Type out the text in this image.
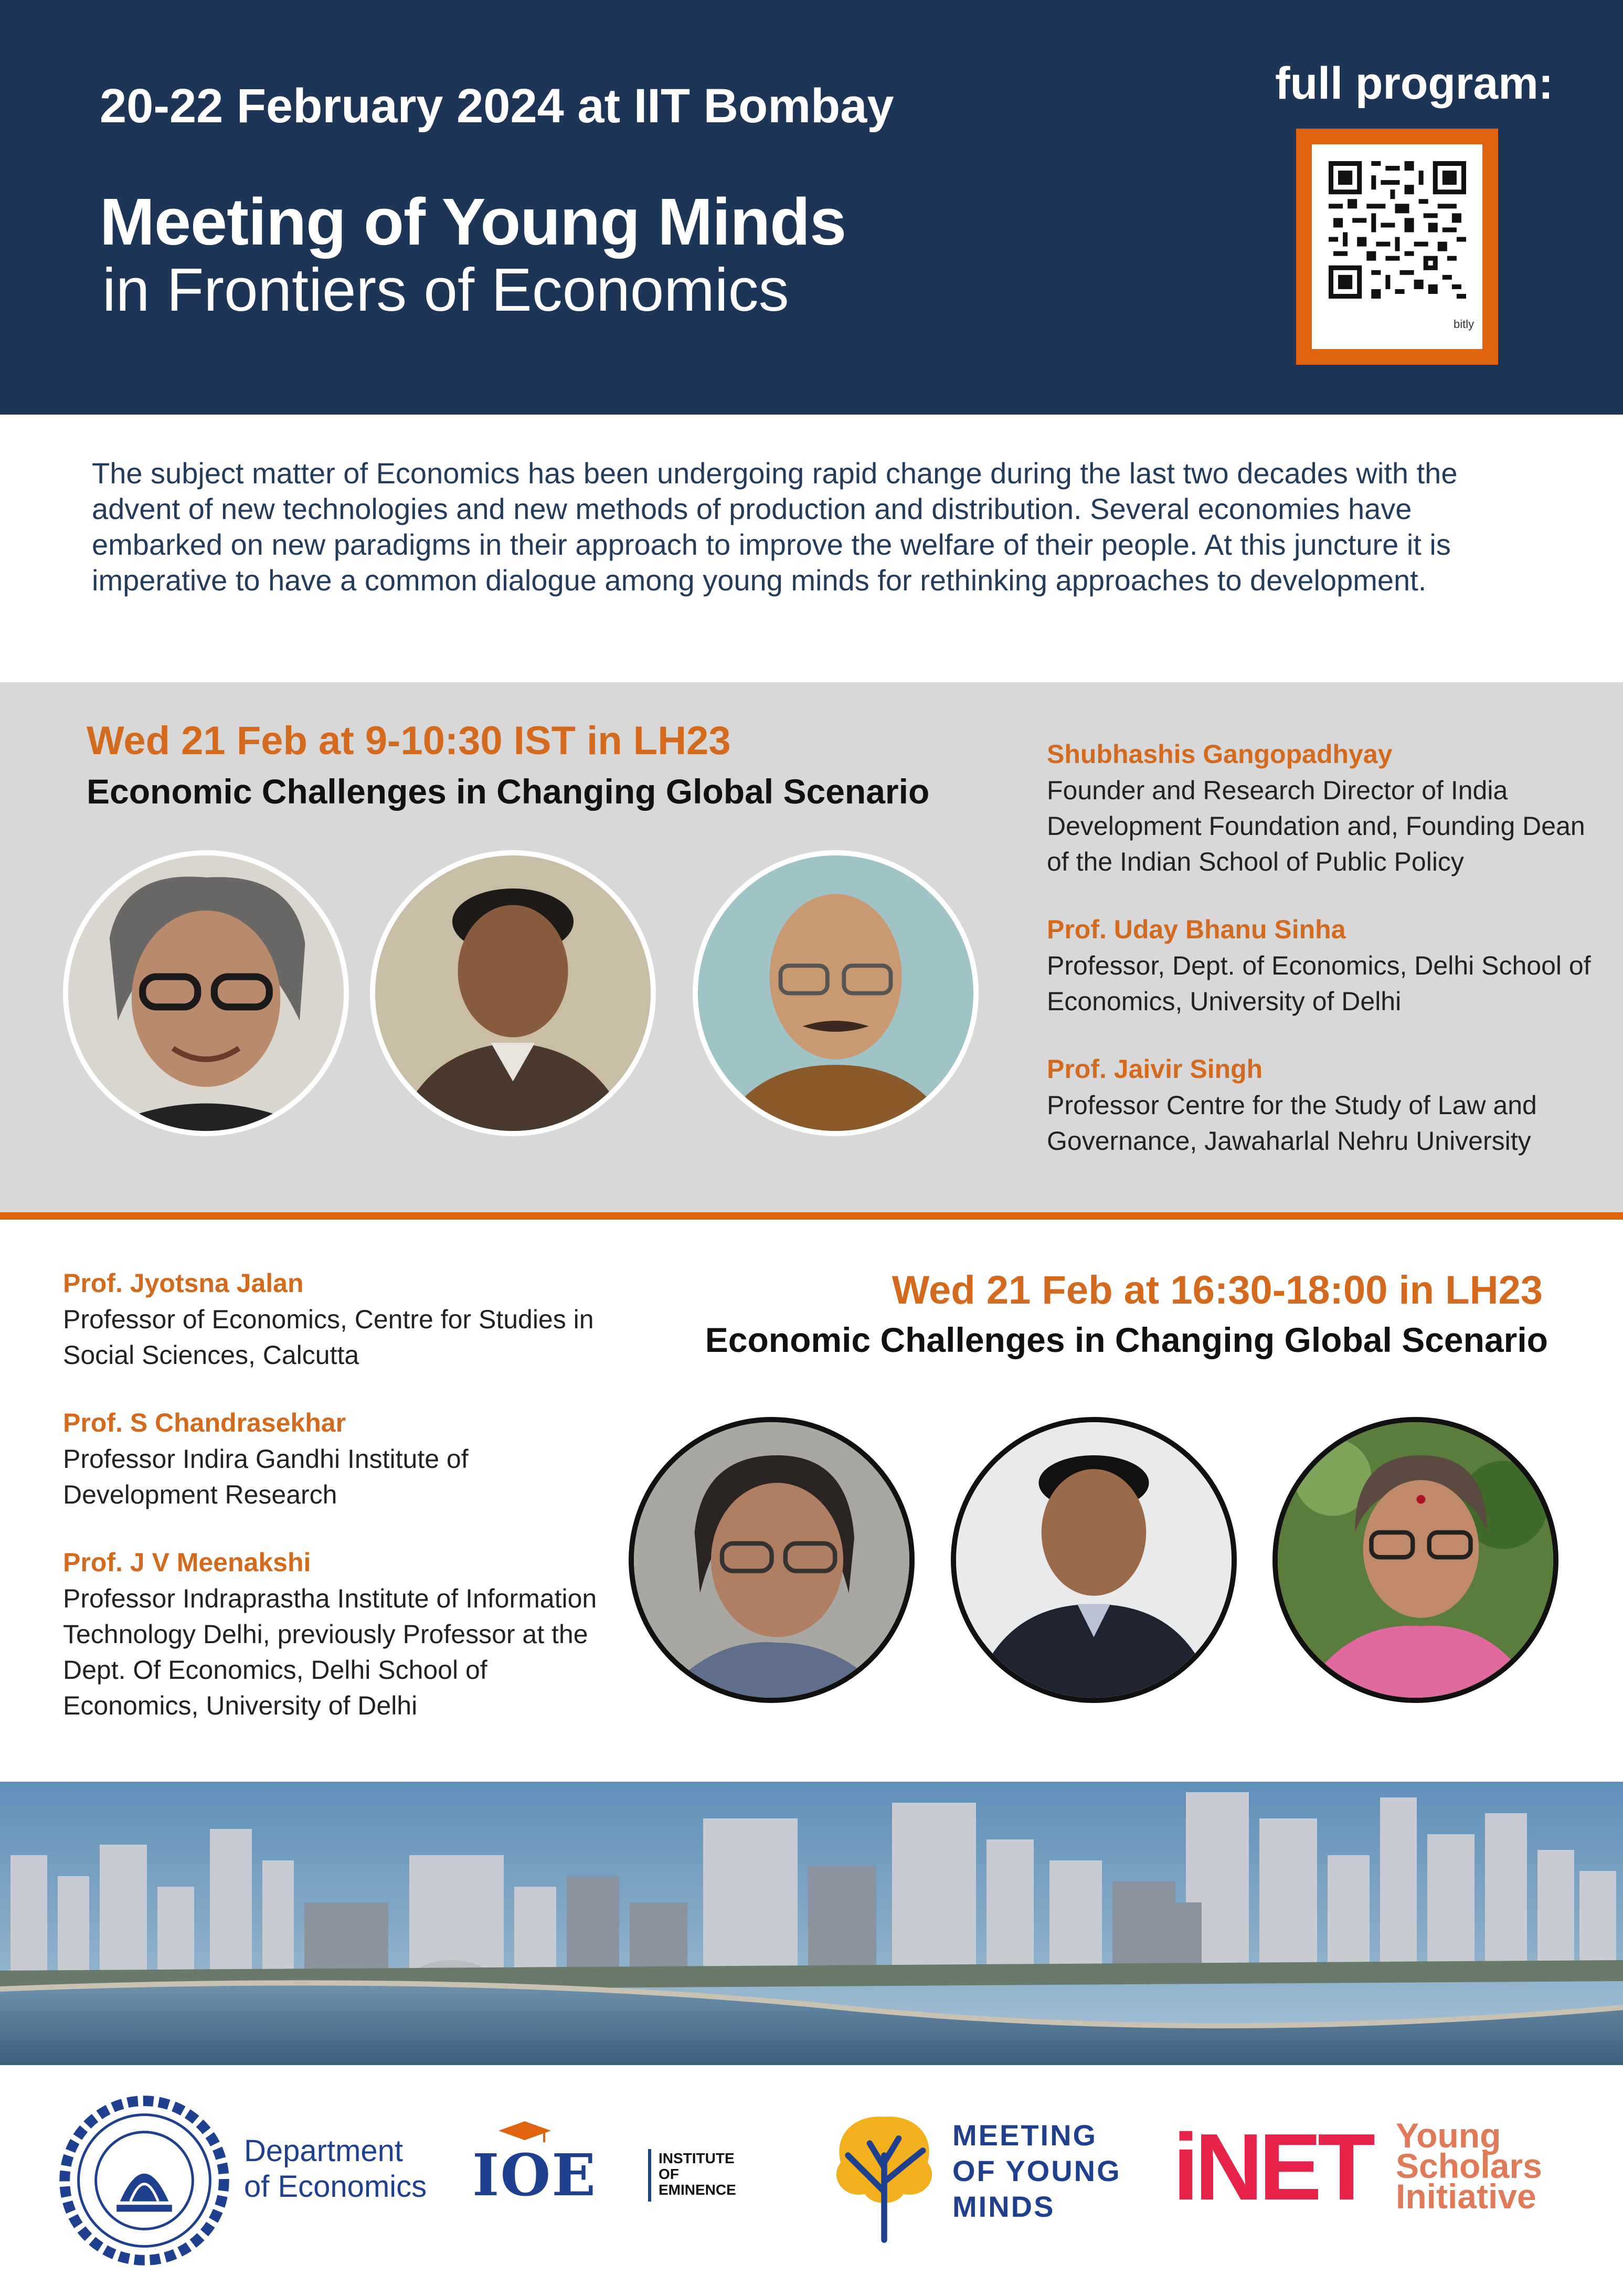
20-22 February 2024 at IIT Bombay
Meeting of Young Minds
in Frontiers of Economics
full program:
bitly
The subject matter of Economics has been undergoing rapid change during the last two decades with the advent of new technologies and new methods of production and distribution. Several economies have embarked on new paradigms in their approach to improve the welfare of their people. At this juncture it is imperative to have a common dialogue among young minds for rethinking approaches to development.
Wed 21 Feb at 9-10:30 IST in LH23
Economic Challenges in Changing Global Scenario
Shubhashis Gangopadhyay
Founder and Research Director of India Development Foundation and, Founding Dean of the Indian School of Public Policy
Prof. Uday Bhanu Sinha
Professor, Dept. of Economics, Delhi School of Economics, University of Delhi
Prof. Jaivir Singh
Professor Centre for the Study of Law and Governance, Jawaharlal Nehru University
Prof. Jyotsna Jalan
Professor of Economics, Centre for Studies in Social Sciences, Calcutta
Prof. S Chandrasekhar
Professor Indira Gandhi Institute of Development Research
Prof. J V Meenakshi
Professor Indraprastha Institute of Information Technology Delhi, previously Professor at the Dept. Of Economics, Delhi School of Economics, University of Delhi
Wed 21 Feb at 16:30-18:00 in LH23
Economic Challenges in Changing Global Scenario
Department
of Economics IOE	INSTITUTE
OF
EMINENCE
MEETING
OF YOUNG
MINDS	iNET Young
Scholars
Initiative
